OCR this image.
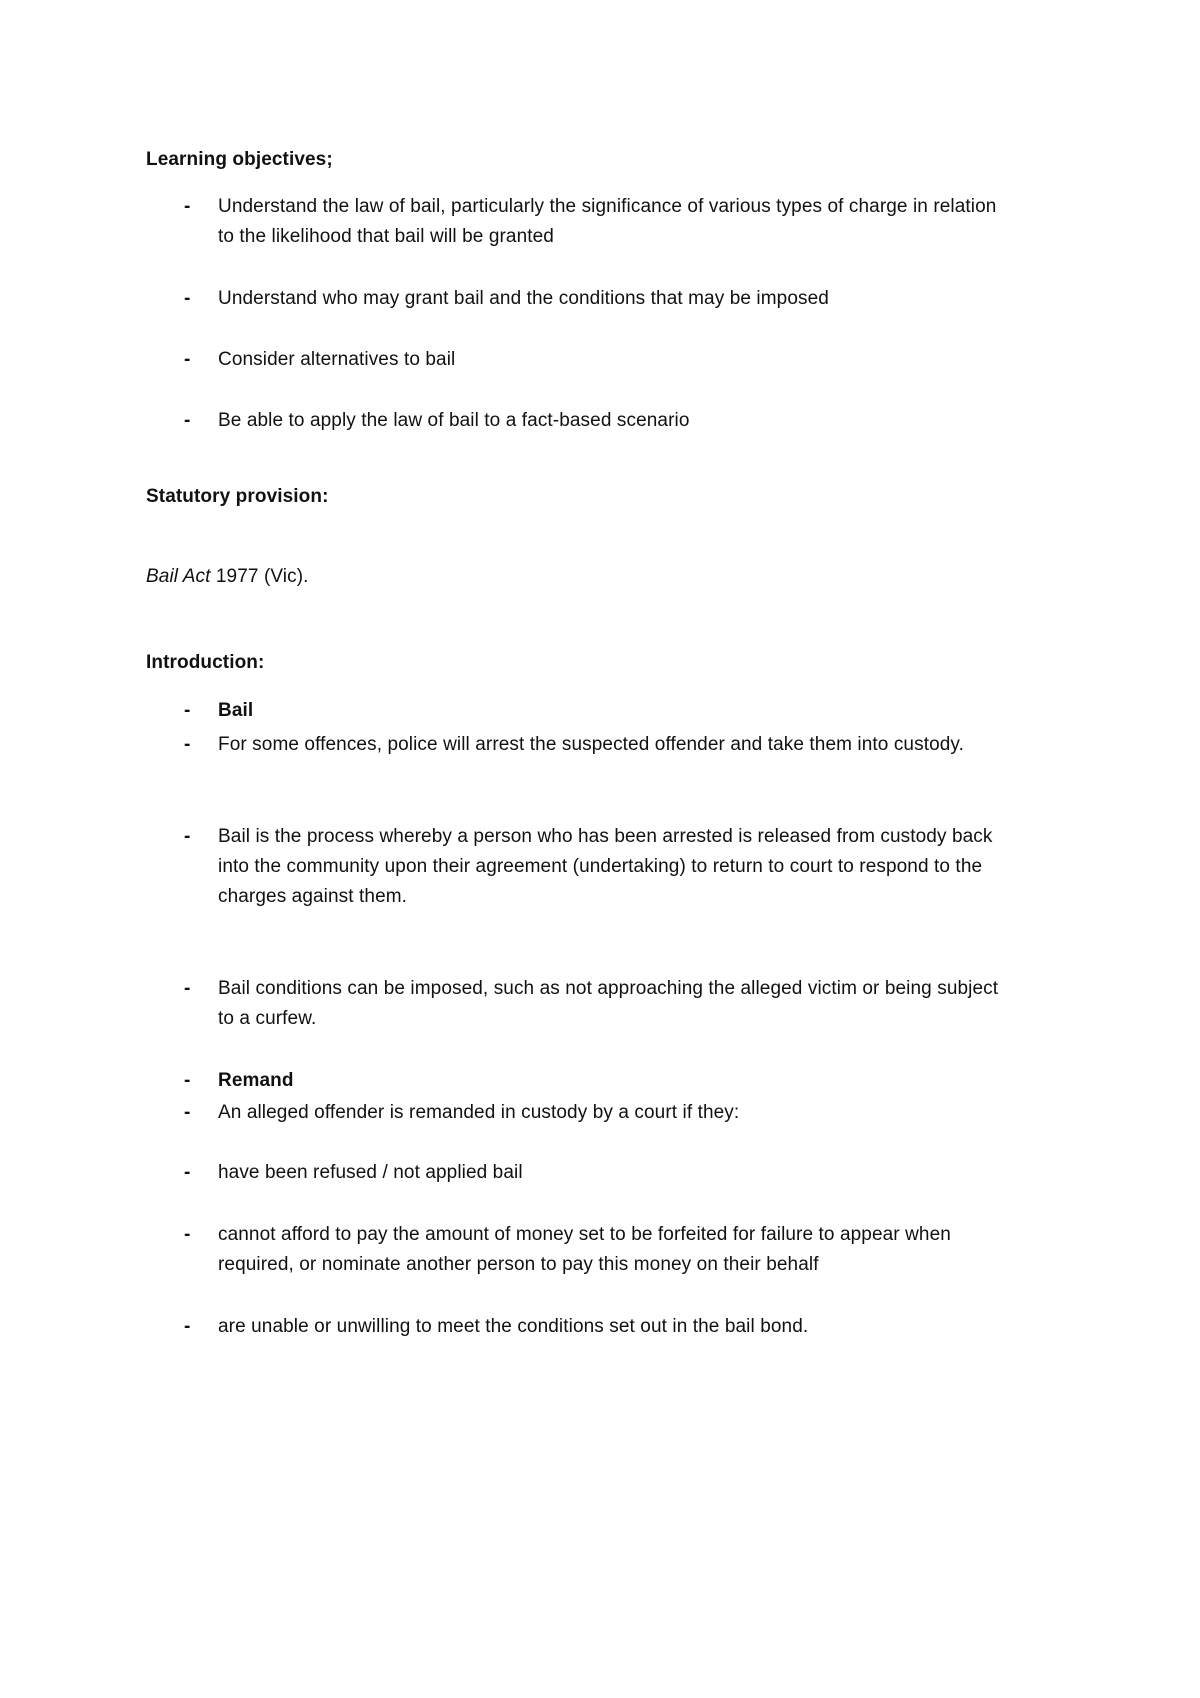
Learning objectives;
- Understand the law of bail, particularly the significance of various types of charge in relation
to the likelihood that bail will be granted
- Understand who may grant bail and the conditions that may be imposed
- Consider alternatives to bail
- Be able to apply the law of bail to a fact-based scenario
Statutory provision:
Bail Act 1977 (Vic).
Introduction:
- Bail
- For some offences, police will arrest the suspected offender and take them into custody.
- Bail is the process whereby a person who has been arrested is released from custody back
into the community upon their agreement (undertaking) to return to court to respond to the
charges against them.
- Bail conditions can be imposed, such as not approaching the alleged victim or being subject
to a curfew.
- Remand
- An alleged offender is remanded in custody by a court if they:
- have been refused / not applied bail
- cannot afford to pay the amount of money set to be forfeited for failure to appear when
required, or nominate another person to pay this money on their behalf
- are unable or unwilling to meet the conditions set out in the bail bond.
